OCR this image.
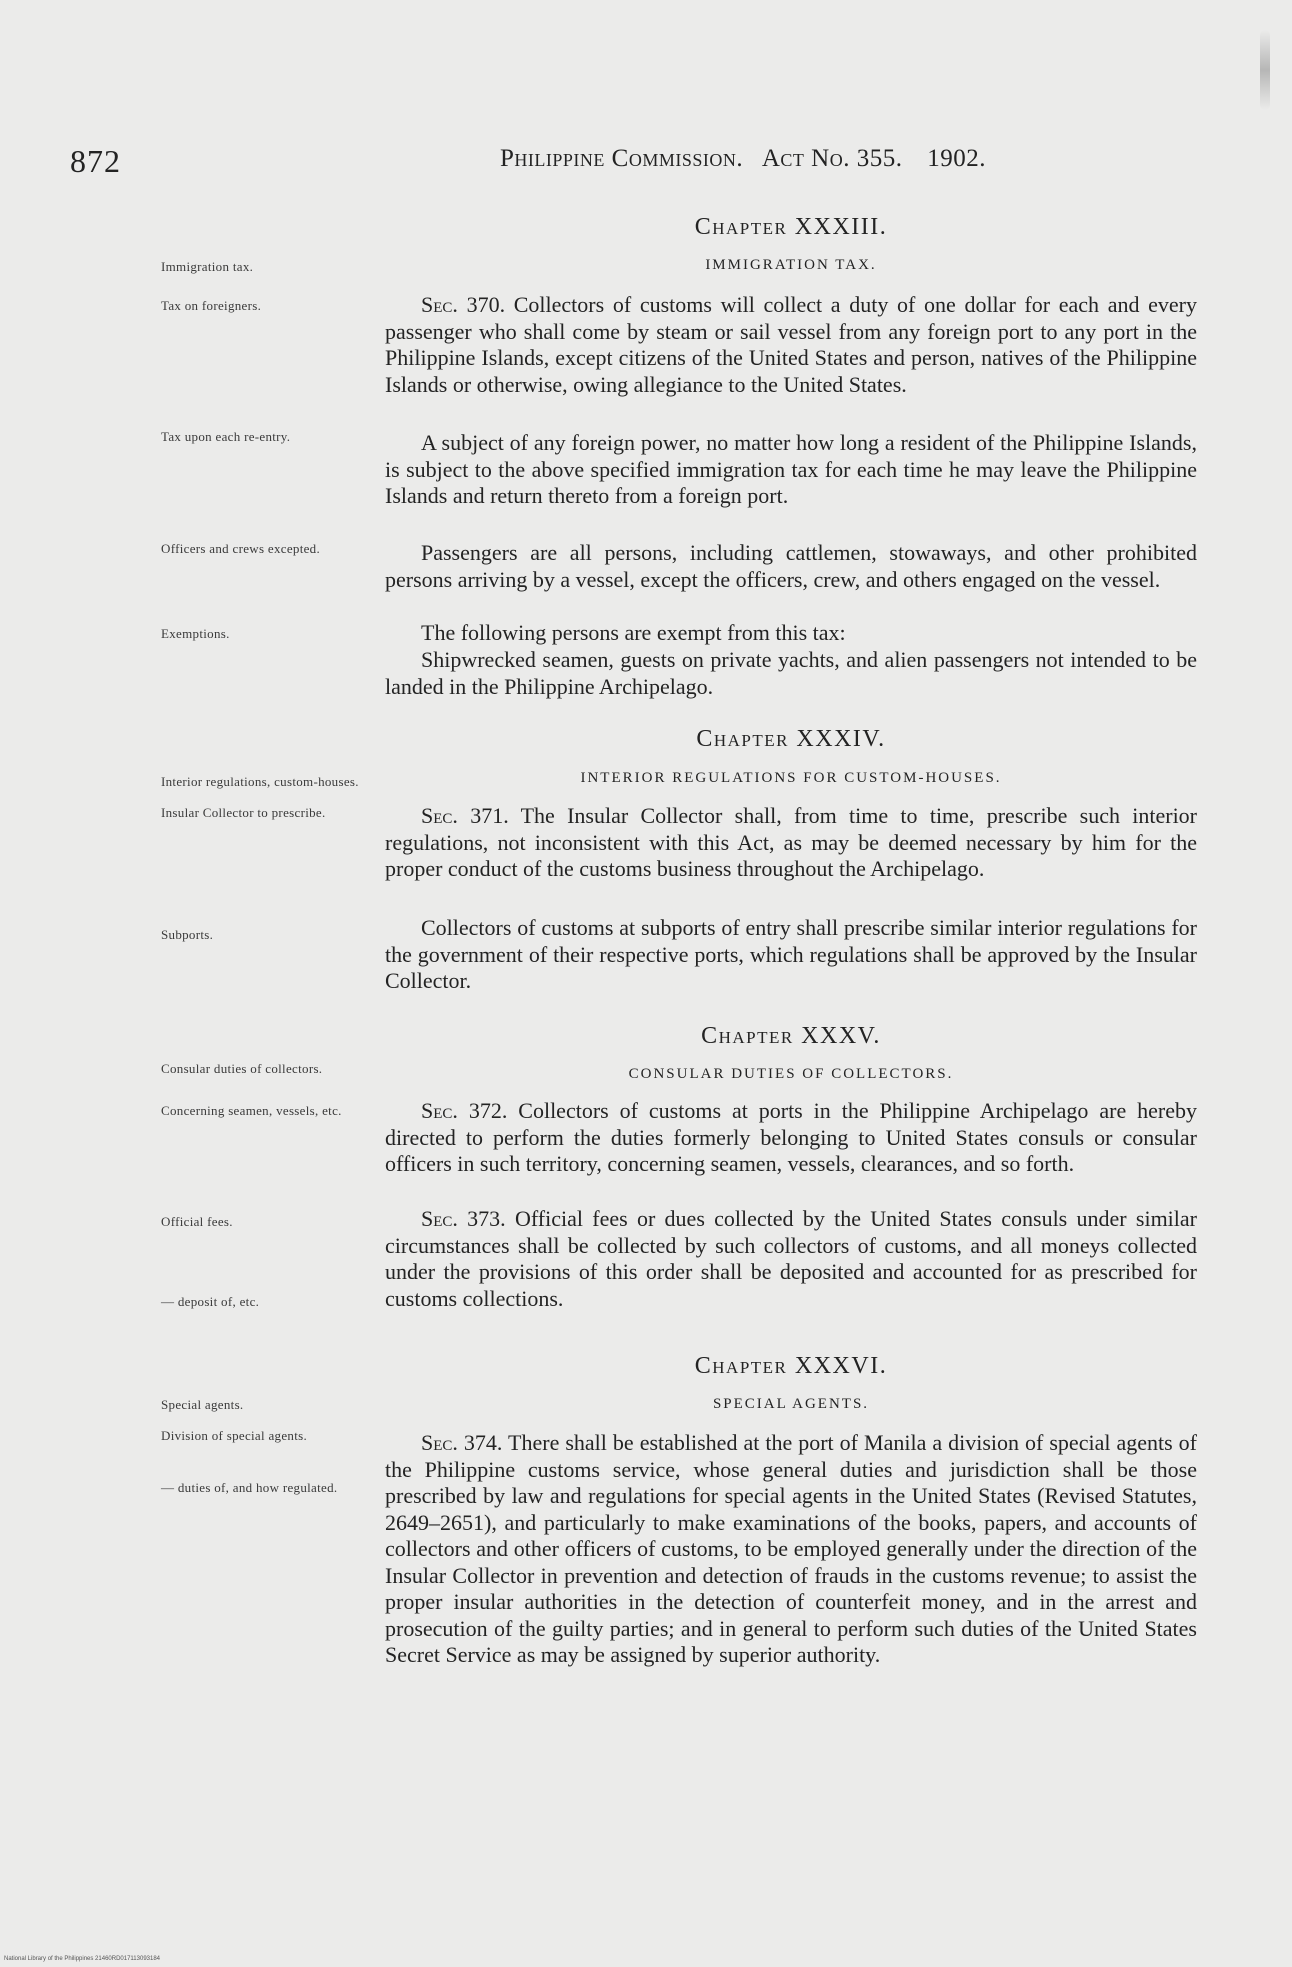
872	Philippine Commission. Act No. 355. 1902.
Chapter XXXIII.
IMMIGRATION TAX.
Immigration tax.
Tax on foreigners.
Tax upon each re-entry.
Officers and crews excepted.
Exemptions.

Sec. 370. Collectors of customs will collect a duty of one dollar for each and every passenger who shall come by steam or sail vessel from any foreign port to any port in the Philippine Islands, except citizens of the United States and person, natives of the Philippine Islands or otherwise, owing allegiance to the United States.

A subject of any foreign power, no matter how long a resident of the Philippine Islands, is subject to the above specified immigration tax for each time he may leave the Philippine Islands and return thereto from a foreign port.

Passengers are all persons, including cattlemen, stowaways, and other prohibited persons arriving by a vessel, except the officers, crew, and others engaged on the vessel.

The following persons are exempt from this tax:

Shipwrecked seamen, guests on private yachts, and alien passengers not intended to be landed in the Philippine Archipelago.

Chapter XXXIV.
INTERIOR REGULATIONS FOR CUSTOM-HOUSES.
Interior regulations, custom-houses.
Insular Collector to prescribe.
Subports.

Sec. 371. The Insular Collector shall, from time to time, prescribe such interior regulations, not inconsistent with this Act, as may be deemed necessary by him for the proper conduct of the customs business throughout the Archipelago.

Collectors of customs at subports of entry shall prescribe similar interior regulations for the government of their respective ports, which regulations shall be approved by the Insular Collector.

Chapter XXXV.
CONSULAR DUTIES OF COLLECTORS.
Consular duties of collectors.
Concerning seamen, vessels, etc.
Official fees.
— deposit of, etc.

Sec. 372. Collectors of customs at ports in the Philippine Archipelago are hereby directed to perform the duties formerly belonging to United States consuls or consular officers in such territory, concerning seamen, vessels, clearances, and so forth.

Sec. 373. Official fees or dues collected by the United States consuls under similar circumstances shall be collected by such collectors of customs, and all moneys collected under the provisions of this order shall be deposited and accounted for as prescribed for customs collections.

Chapter XXXVI.
SPECIAL AGENTS.
Special agents.
Division of special agents.
— duties of, and how regulated.

Sec. 374. There shall be established at the port of Manila a division of special agents of the Philippine customs service, whose general duties and jurisdiction shall be those prescribed by law and regulations for special agents in the United States (Revised Statutes, 2649–2651), and particularly to make examinations of the books, papers, and accounts of collectors and other officers of customs, to be employed generally under the direction of the Insular Collector in prevention and detection of frauds in the customs revenue; to assist the proper insular authorities in the detection of counterfeit money, and in the arrest and prosecution of the guilty parties; and in general to perform such duties of the United States Secret Service as may be assigned by superior authority.

National Library of the Philippines 21460RD017113093184
